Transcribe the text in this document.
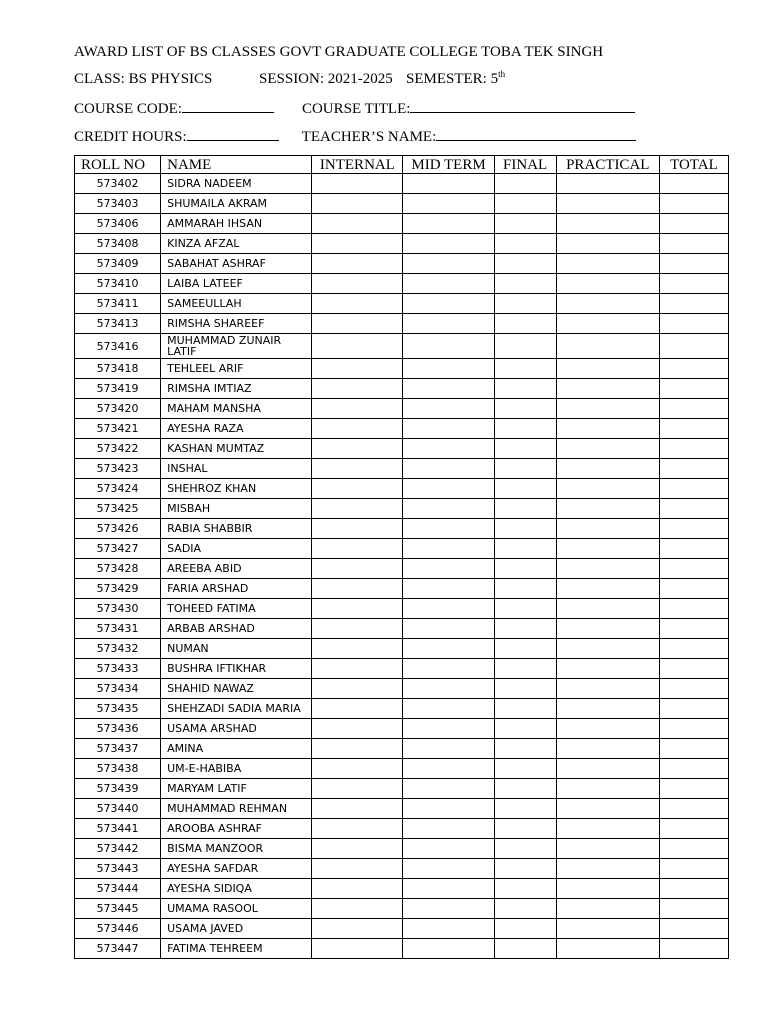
AWARD LIST OF BS CLASSES GOVT GRADUATE COLLEGE TOBA TEK SINGH
CLASS: BS PHYSICS	SESSION: 2021-2025 SEMESTER: 5th
COURSE CODE:	COURSE TITLE:
CREDIT HOURS:	TEACHER’S NAME:
ROLL NO	NAME	INTERNAL	MID TERM	FINAL	PRACTICAL	TOTAL
573402	SIDRA NADEEM					
573403	SHUMAILA AKRAM					
573406	AMMARAH IHSAN					
573408	KINZA AFZAL					
573409	SABAHAT ASHRAF					
573410	LAIBA LATEEF					
573411	SAMEEULLAH					
573413	RIMSHA SHAREEF					
573416	MUHAMMAD ZUNAIR LATIF					
573418	TEHLEEL ARIF					
573419	RIMSHA IMTIAZ					
573420	MAHAM MANSHA					
573421	AYESHA RAZA					
573422	KASHAN MUMTAZ					
573423	INSHAL					
573424	SHEHROZ KHAN					
573425	MISBAH					
573426	RABIA SHABBIR					
573427	SADIA					
573428	AREEBA ABID					
573429	FARIA ARSHAD					
573430	TOHEED FATIMA					
573431	ARBAB ARSHAD					
573432	NUMAN					
573433	BUSHRA IFTIKHAR					
573434	SHAHID NAWAZ					
573435	SHEHZADI SADIA MARIA					
573436	USAMA ARSHAD					
573437	AMINA					
573438	UM-E-HABIBA					
573439	MARYAM LATIF					
573440	MUHAMMAD REHMAN					
573441	AROOBA ASHRAF					
573442	BISMA MANZOOR					
573443	AYESHA SAFDAR					
573444	AYESHA SIDIQA					
573445	UMAMA RASOOL					
573446	USAMA JAVED					
573447	FATIMA TEHREEM					
